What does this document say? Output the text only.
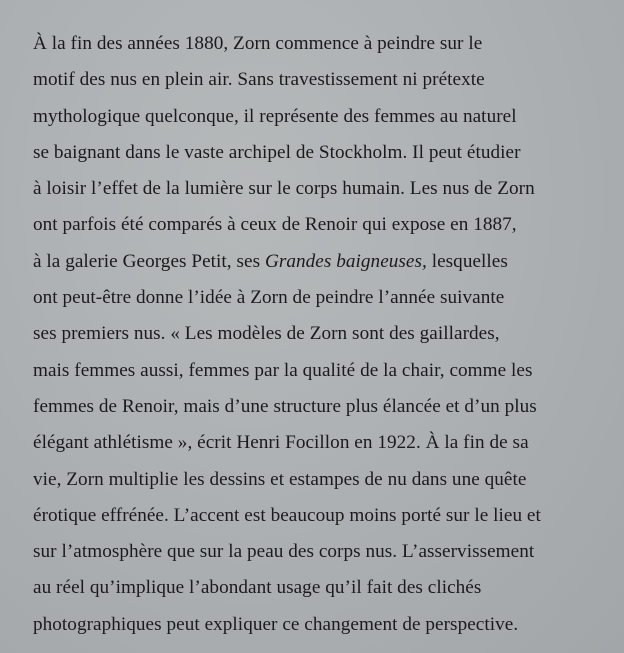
À la fin des années 1880, Zorn commence à peindre sur le
motif des nus en plein air. Sans travestissement ni prétexte
mythologique quelconque, il représente des femmes au naturel
se baignant dans le vaste archipel de Stockholm. Il peut étudier
à loisir l’effet de la lumière sur le corps humain. Les nus de Zorn
ont parfois été comparés à ceux de Renoir qui expose en 1887,
à la galerie Georges Petit, ses Grandes baigneuses, lesquelles
ont peut-être donne l’idée à Zorn de peindre l’année suivante
ses premiers nus. « Les modèles de Zorn sont des gaillardes,
mais femmes aussi, femmes par la qualité de la chair, comme les
femmes de Renoir, mais d’une structure plus élancée et d’un plus
élégant athlétisme », écrit Henri Focillon en 1922. À la fin de sa
vie, Zorn multiplie les dessins et estampes de nu dans une quête
érotique effrénée. L’accent est beaucoup moins porté sur le lieu et
sur l’atmosphère que sur la peau des corps nus. L’asservissement
au réel qu’implique l’abondant usage qu’il fait des clichés
photographiques peut expliquer ce changement de perspective.
